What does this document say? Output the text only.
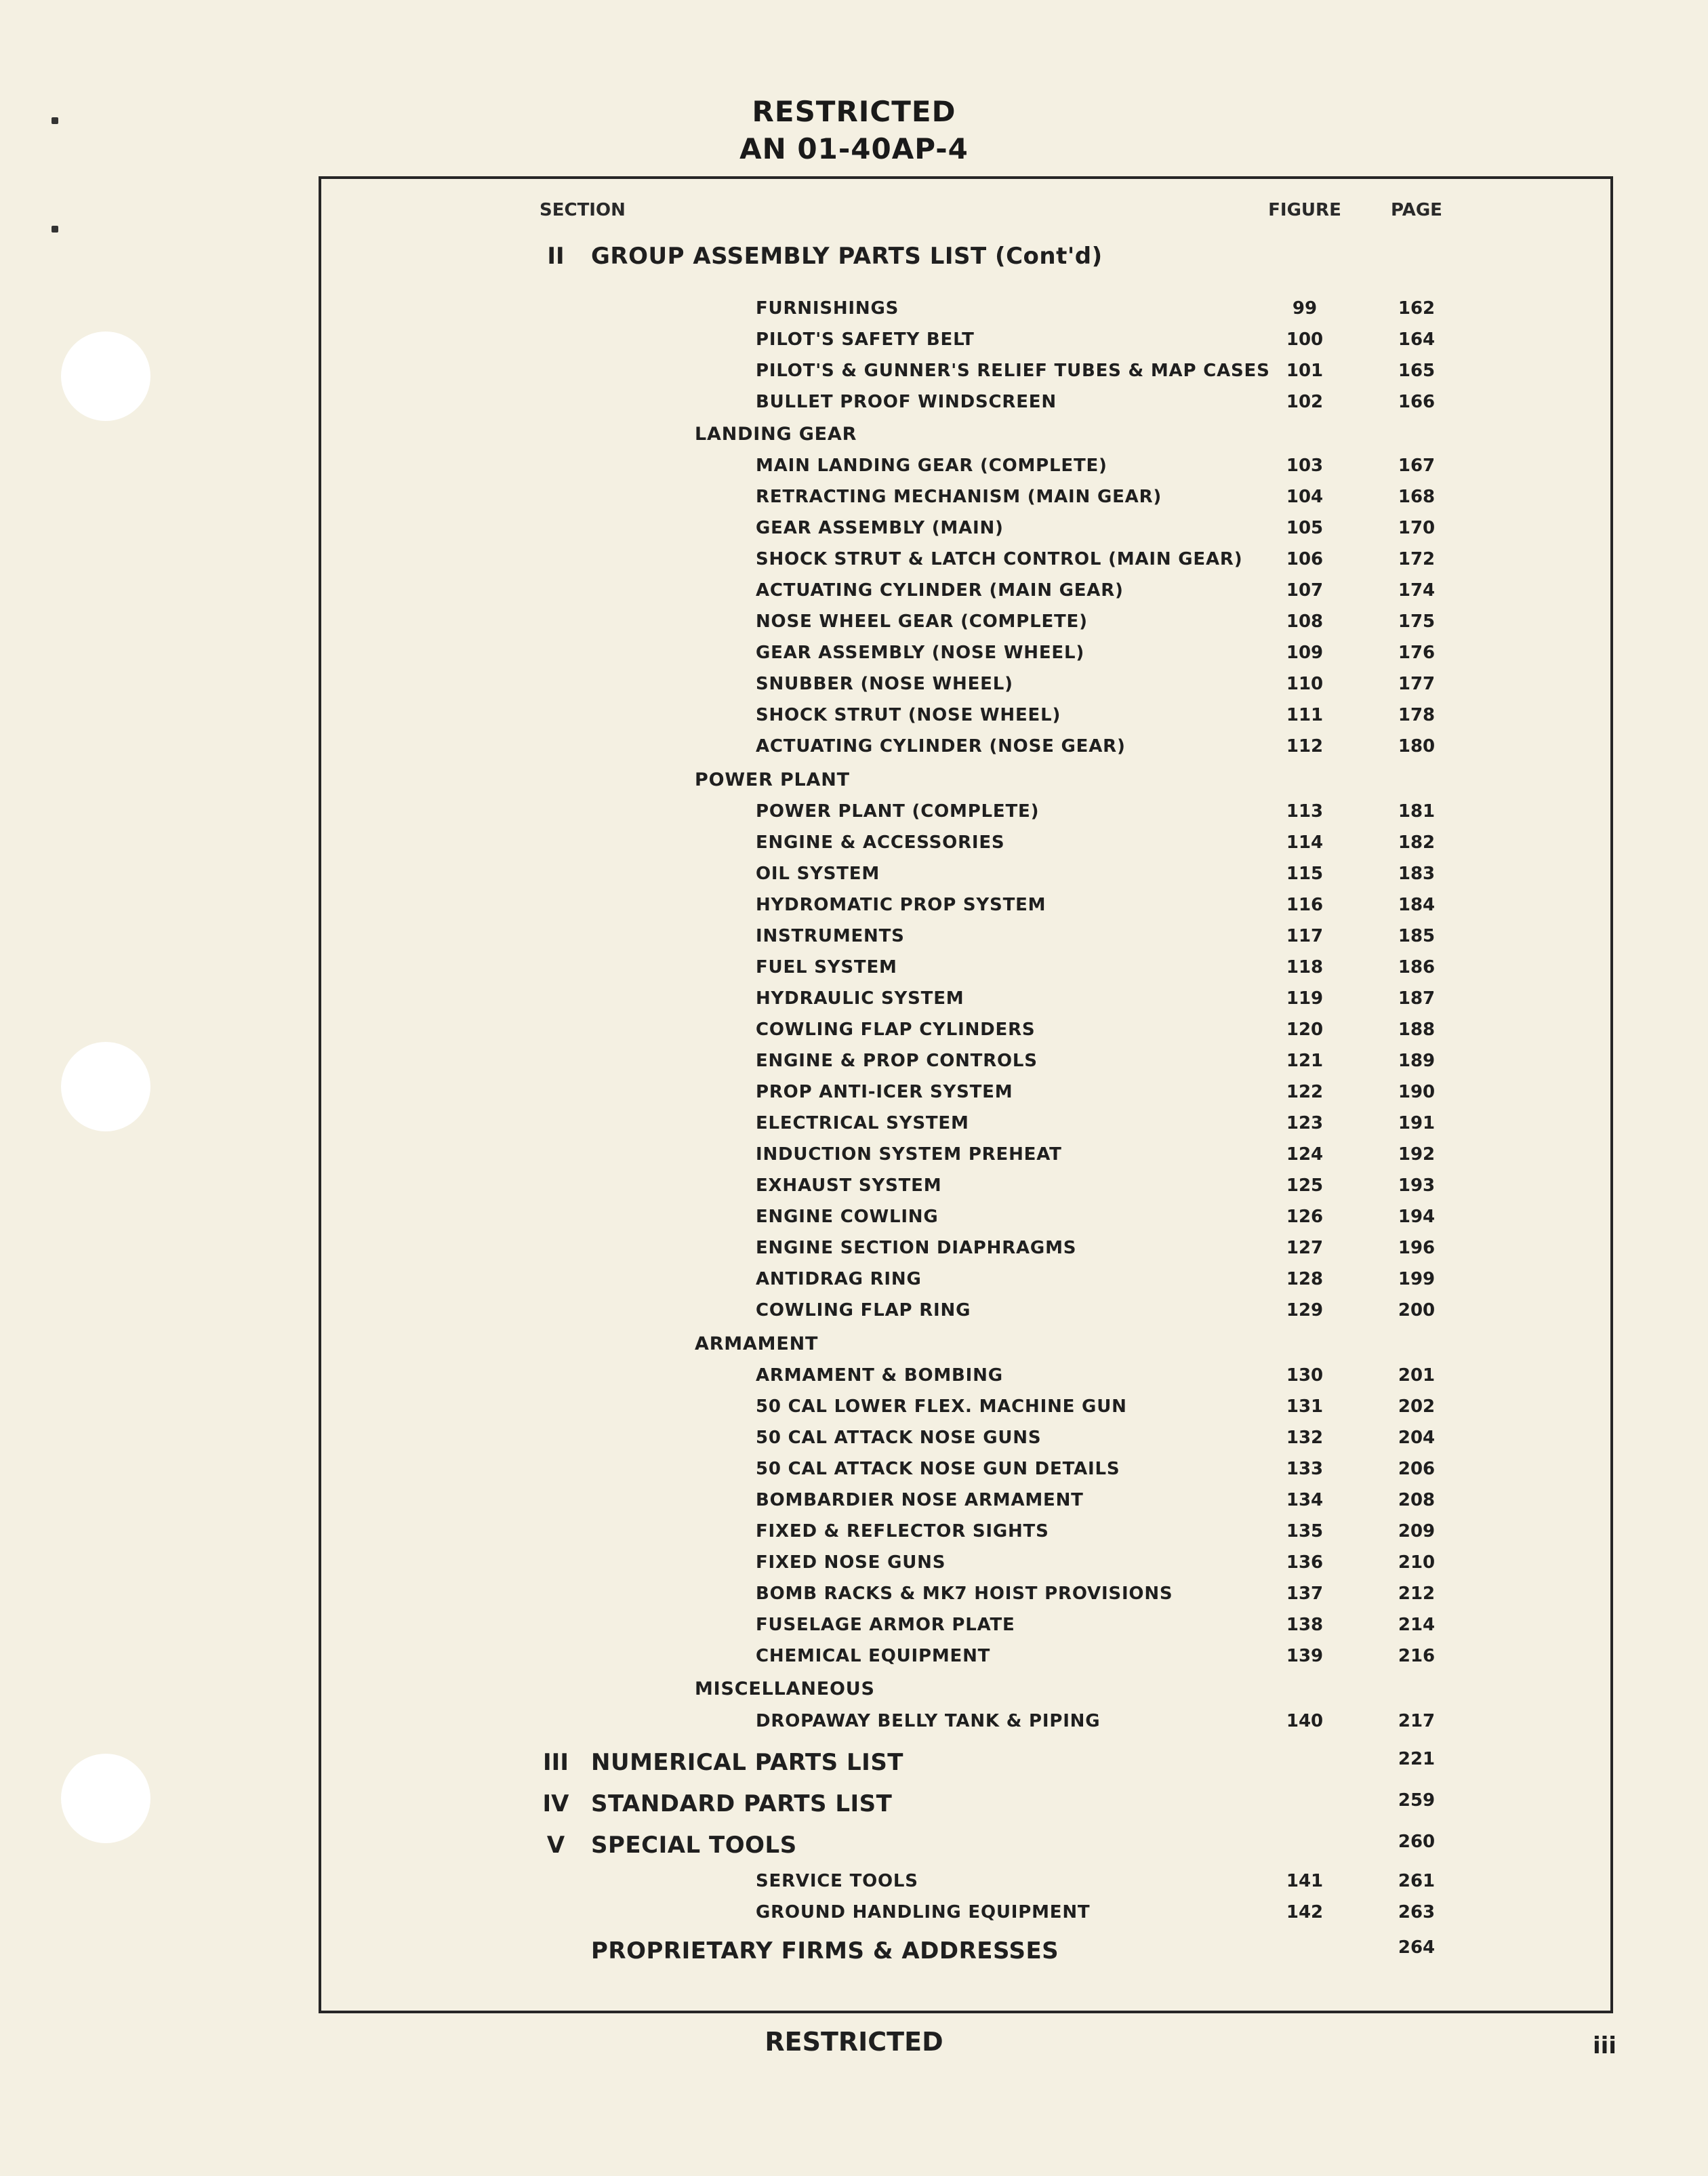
RESTRICTED
AN 01-40AP-4
SECTION	FIGURE	PAGE
II	GROUP ASSEMBLY PARTS LIST (Cont'd)
FURNISHINGS	99	162
PILOT'S SAFETY BELT	100	164
PILOT'S & GUNNER'S RELIEF TUBES & MAP CASES 101	165
BULLET PROOF WINDSCREEN	102	166
LANDING GEAR
MAIN LANDING GEAR (COMPLETE)	103	167
RETRACTING MECHANISM (MAIN GEAR)	104	168
GEAR ASSEMBLY (MAIN)	105	170
SHOCK STRUT & LATCH CONTROL (MAIN GEAR)	106	172
ACTUATING CYLINDER (MAIN GEAR)	107	174
NOSE WHEEL GEAR (COMPLETE)	108	175
GEAR ASSEMBLY (NOSE WHEEL)	109	176
SNUBBER (NOSE WHEEL)	110	177
SHOCK STRUT (NOSE WHEEL)	111	178
ACTUATING CYLINDER (NOSE GEAR)	112	180
POWER PLANT
POWER PLANT (COMPLETE)	113	181
ENGINE & ACCESSORIES	114	182
OIL SYSTEM	115	183
HYDROMATIC PROP SYSTEM	116	184
INSTRUMENTS	117	185
FUEL SYSTEM	118	186
HYDRAULIC SYSTEM	119	187
COWLING FLAP CYLINDERS	120	188
ENGINE & PROP CONTROLS	121	189
PROP ANTI-ICER SYSTEM	122	190
ELECTRICAL SYSTEM	123	191
INDUCTION SYSTEM PREHEAT	124	192
EXHAUST SYSTEM	125	193
ENGINE COWLING	126	194
ENGINE SECTION DIAPHRAGMS	127	196
ANTIDRAG RING	128	199
COWLING FLAP RING	129	200
ARMAMENT
ARMAMENT & BOMBING	130	201
50 CAL LOWER FLEX. MACHINE GUN	131	202
50 CAL ATTACK NOSE GUNS	132	204
50 CAL ATTACK NOSE GUN DETAILS	133	206
BOMBARDIER NOSE ARMAMENT	134	208
FIXED & REFLECTOR SIGHTS	135	209
FIXED NOSE GUNS	136	210
BOMB RACKS & MK7 HOIST PROVISIONS	137	212
FUSELAGE ARMOR PLATE	138	214
CHEMICAL EQUIPMENT	139	216
MISCELLANEOUS
DROPAWAY BELLY TANK & PIPING	140	217
III NUMERICAL PARTS LIST	221
IV STANDARD PARTS LIST	259
V	SPECIAL TOOLS	260
SERVICE TOOLS	141	261
GROUND HANDLING EQUIPMENT	142	263
PROPRIETARY FIRMS & ADDRESSES	264
RESTRICTED	iii
